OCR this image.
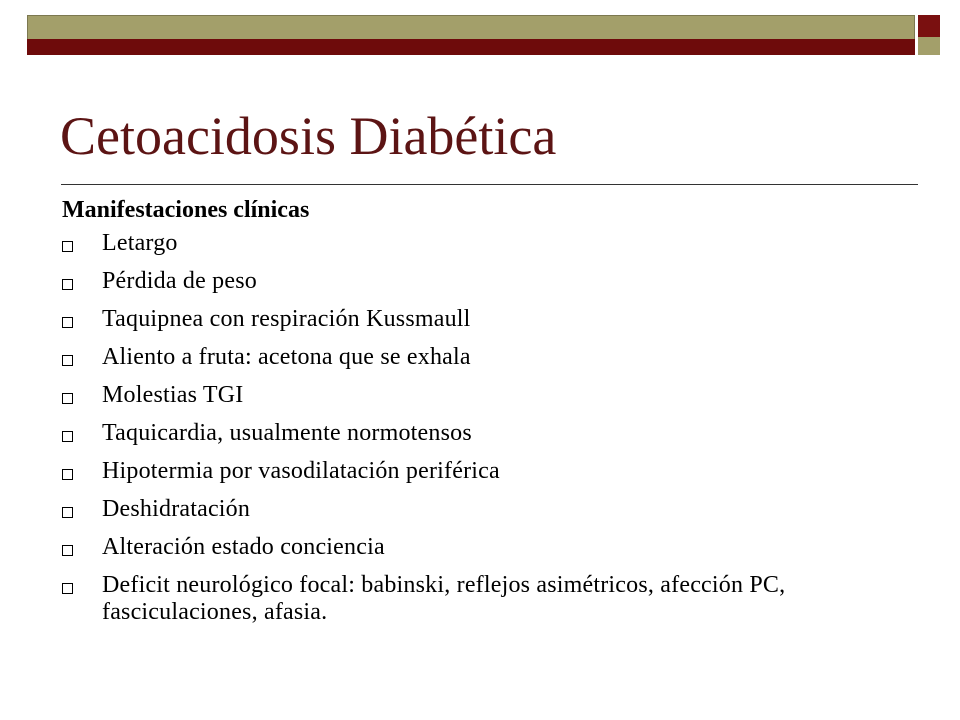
Cetoacidosis Diabética
Manifestaciones clínicas
Letargo
Pérdida de peso
Taquipnea con respiración Kussmaull
Aliento a fruta: acetona que se exhala
Molestias TGI
Taquicardia, usualmente normotensos
Hipotermia por vasodilatación periférica
Deshidratación
Alteración estado conciencia
Deficit neurológico focal: babinski, reflejos asimétricos, afección PC, fasciculaciones, afasia.
